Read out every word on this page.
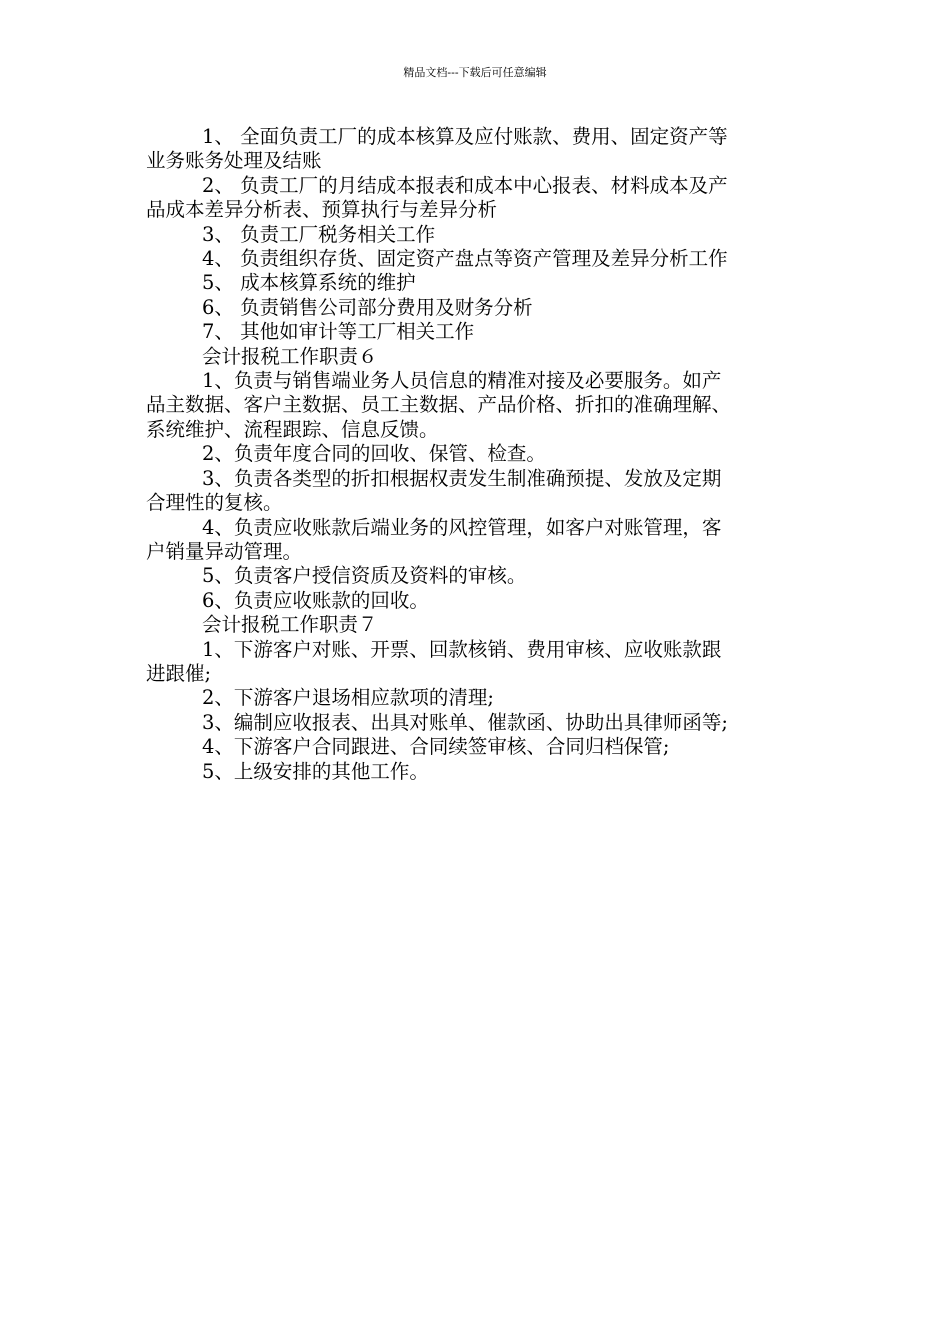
精品文档---下载后可任意编辑
1、 全面负责工厂的成本核算及应付账款、费用、固定资产等
业务账务处理及结账
2、 负责工厂的月结成本报表和成本中心报表、材料成本及产
品成本差异分析表、预算执行与差异分析
3、 负责工厂税务相关工作
4、 负责组织存货、固定资产盘点等资产管理及差异分析工作
5、 成本核算系统的维护
6、 负责销售公司部分费用及财务分析
7、 其他如审计等工厂相关工作
会计报税工作职责６
1、负责与销售端业务人员信息的精准对接及必要服务。如产
品主数据、客户主数据、员工主数据、产品价格、折扣的准确理解、
系统维护、流程跟踪、信息反馈。
2、负责年度合同的回收、保管、检查。
3、负责各类型的折扣根据权责发生制准确预提、发放及定期
合理性的复核。
4、负责应收账款后端业务的风控管理，如客户对账管理，客
户销量异动管理。
5、负责客户授信资质及资料的审核。
6、负责应收账款的回收。
会计报税工作职责７
1、下游客户对账、开票、回款核销、费用审核、应收账款跟
进跟催;
2、下游客户退场相应款项的清理;
3、编制应收报表、出具对账单、催款函、协助出具律师函等;
4、下游客户合同跟进、合同续签审核、合同归档保管;
5、上级安排的其他工作。
